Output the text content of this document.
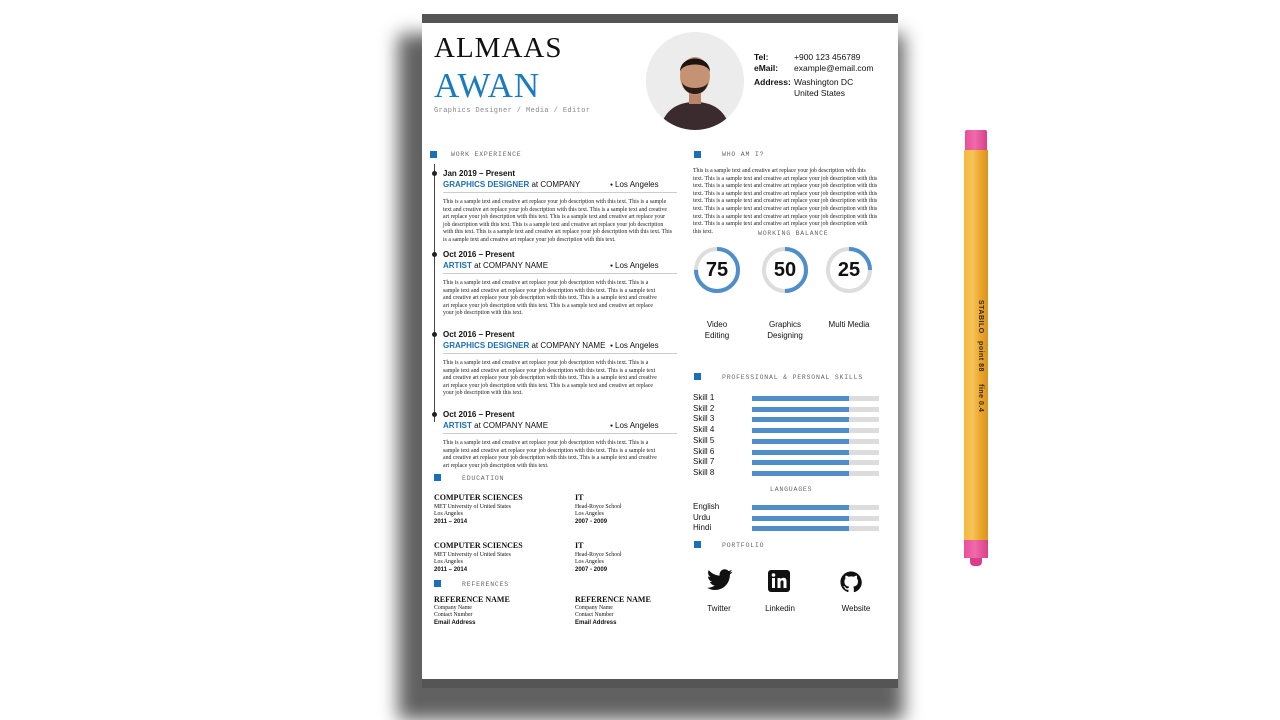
ALMAAS
AWAN
Graphics Designer / Media / Editor
Tel:	+900 123 456789
eMail: example@email.com
Address: Washington DC
United States
WORK EXPERIENCE
EDUCATION
REFERENCES
WHO AM I?
This is a sample text and creative art replace your job description with this
text. This is a sample text and creative art replace your job description with this
text. This is a sample text and creative art replace your job description with this
text. This is a sample text and creative art replace your job description with this
text. This is a sample text and creative art replace your job description with this
text. This is a sample text and creative art replace your job description with this
text. This is a sample text and creative art replace your job description with this
text. This is a sample text and creative art replace your job description with
this text.	WORKING BALANCE
PROFESSIONAL & PERSONAL SKILLS
LANGUAGES
PORTFOLIO
Twitter	Linkedin	Website
Jan 2019 – Present
GRAPHICS DESIGNER at COMPANY	● Los Angeles
This is a sample text and creative art replace your job description with this text. This is a sample
text and creative art replace your job description with this text. This is a sample text and creative
art replace your job description with this text. This is a sample text and creative art replace your
job description with this text. This is a sample text and creative art replace your job description
with this text. This is a sample text and creative art replace your job description with this text. This
is a sample text and creative art replace your job description with this text.
Oct 2016 – Present
ARTIST at COMPANY NAME	● Los Angeles
This is a sample text and creative art replace your job description with this text. This is a
sample text and creative art replace your job description with this text. This is a sample text
and creative art replace your job description with this text. This is a sample text and creative
art replace your job description with this text. This is a sample text and creative art replace
your job description with this text.
Oct 2016 – Present
GRAPHICS DESIGNER at COMPANY NAME ● Los Angeles
This is a sample text and creative art replace your job description with this text. This is a
sample text and creative art replace your job description with this text. This is a sample text
and creative art replace your job description with this text. This is a sample text and creative
art replace your job description with this text. This is a sample text and creative art replace
your job description with this text.
Oct 2016 – Present
ARTIST at COMPANY NAME	● Los Angeles
This is a sample text and creative art replace your job description with this text. This is a
sample text and creative art replace your job description with this text. This is a sample text
and creative art replace your job description with this text. This is a sample text and creative
art replace your job description with this text.
COMPUTER SCIENCES
MET University of United States
Los Angeles
2011 – 2014
IT
Head-Royce School
Los Angeles
2007 - 2009
COMPUTER SCIENCES
MET University of United States
Los Angeles
2011 – 2014
IT
Head-Royce School
Los Angeles
2007 - 2009
REFERENCE NAME
Company Name
Contact Number
Email Address
REFERENCE NAME
Company Name
Contact Number
Email Address
75
Video
Editing
50
Graphics
Designing
25
Multi Media
Skill 1
Skill 2
Skill 3
Skill 4
Skill 5
Skill 6
Skill 7
Skill 8
English
Urdu
Hindi
STABILO   point 88     fine 0.4
